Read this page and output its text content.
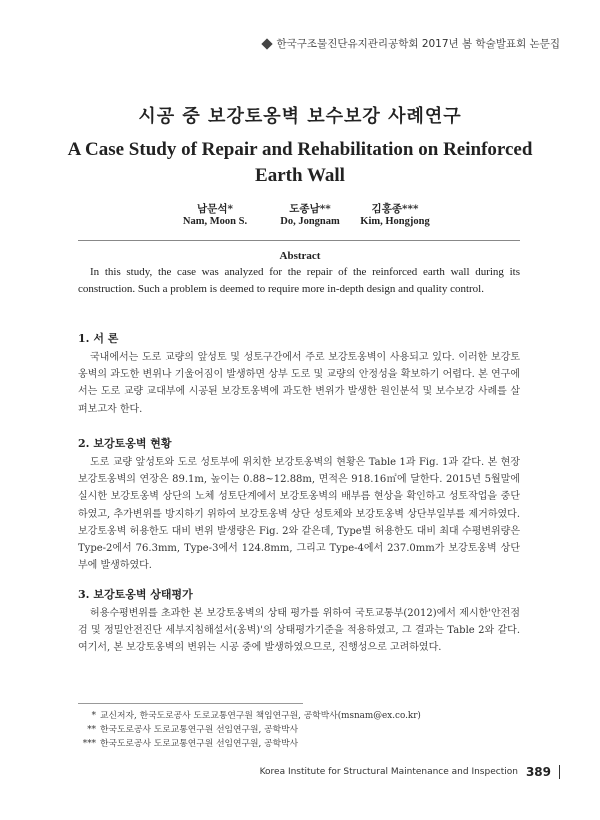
한국구조물진단유지관리공학회 2017년 봄 학술발표회 논문집
시공 중 보강토옹벽 보수보강 사례연구
A Case Study of Repair and Rehabilitation on Reinforced Earth Wall
남문석*
Nam, Moon S.
도종남**
Do, Jongnam
김홍종***
Kim, Hongjong
Abstract
In this study, the case was analyzed for the repair of the reinforced earth wall during its construction. Such a problem is deemed to require more in-depth design and quality control.
1. 서 론
국내에서는 도로 교량의 앞성토 및 성토구간에서 주로 보강토옹벽이 사용되고 있다. 이러한 보강토옹벽의 과도한 변위나 기울어짐이 발생하면 상부 도로 및 교량의 안정성을 확보하기 어렵다. 본 연구에서는 도로 교량 교대부에 시공된 보강토옹벽에 과도한 변위가 발생한 원인분석 및 보수보강 사례를 살펴보고자 한다.
2. 보강토옹벽 현황
도로 교량 앞성토와 도로 성토부에 위치한 보강토옹벽의 현황은 Table 1과 Fig. 1과 같다. 본 현장 보강토옹벽의 연장은 89.1m, 높이는 0.88~12.88m, 면적은 918.16㎡에 달한다. 2015년 5월말에 실시한 보강토옹벽 상단의 노체 성토단계에서 보강토옹벽의 배부름 현상을 확인하고 성토작업을 중단하였고, 추가변위를 방지하기 위하여 보강토옹벽 상단 성토체와 보강토옹벽 상단부일부를 제거하였다. 보강토옹벽 허용한도 대비 변위 발생량은 Fig. 2와 같은데, Type별 허용한도 대비 최대 수평변위량은 Type-2에서 76.3mm, Type-3에서 124.8mm, 그리고 Type-4에서 237.0mm가 보강토옹벽 상단부에 발생하였다.
3. 보강토옹벽 상태평가
허용수평변위를 초과한 본 보강토옹벽의 상태 평가를 위하여 국토교통부(2012)에서 제시한'안전점검 및 정밀안전진단 세부지침해설서(옹벽)'의 상태평가기준을 적용하였고, 그 결과는 Table 2와 같다. 여기서, 본 보강토옹벽의 변위는 시공 중에 발생하였으므로, 진행성으로 고려하였다.
* 교신저자, 한국도로공사 도로교통연구원 책임연구원, 공학박사(msnam@ex.co.kr)
** 한국도로공사 도로교통연구원 선임연구원, 공학박사
*** 한국도로공사 도로교통연구원 선임연구원, 공학박사
Korea Institute for Structural Maintenance and Inspection 389
